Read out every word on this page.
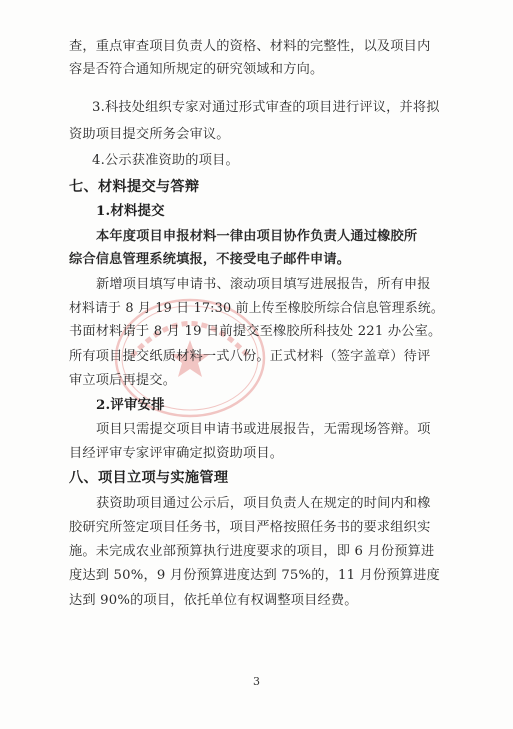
查，重点审查项目负责人的资格、材料的完整性，以及项目内
容是否符合通知所规定的研究领域和方向。
3.科技处组织专家对通过形式审查的项目进行评议，并将拟
资助项目提交所务会审议。
4.公示获准资助的项目。
七、材料提交与答辩
1.材料提交
本年度项目申报材料一律由项目协作负责人通过橡胶所
综合信息管理系统填报，不接受电子邮件申请。
新增项目填写申请书、滚动项目填写进展报告，所有申报
材料请于 8 月 19 日 17:30 前上传至橡胶所综合信息管理系统。
书面材料请于 8 月 19 日前提交至橡胶所科技处 221 办公室。
所有项目提交纸质材料一式八份。正式材料（签字盖章）待评
审立项后再提交。
2.评审安排
项目只需提交项目申请书或进展报告，无需现场答辩。项
目经评审专家评审确定拟资助项目。
八、项目立项与实施管理
获资助项目通过公示后，项目负责人在规定的时间内和橡
胶研究所签定项目任务书，项目严格按照任务书的要求组织实
施。未完成农业部预算执行进度要求的项目，即 6 月份预算进
度达到 50%，9 月份预算进度达到 75%的，11 月份预算进度
达到 90%的项目，依托单位有权调整项目经费。
3
